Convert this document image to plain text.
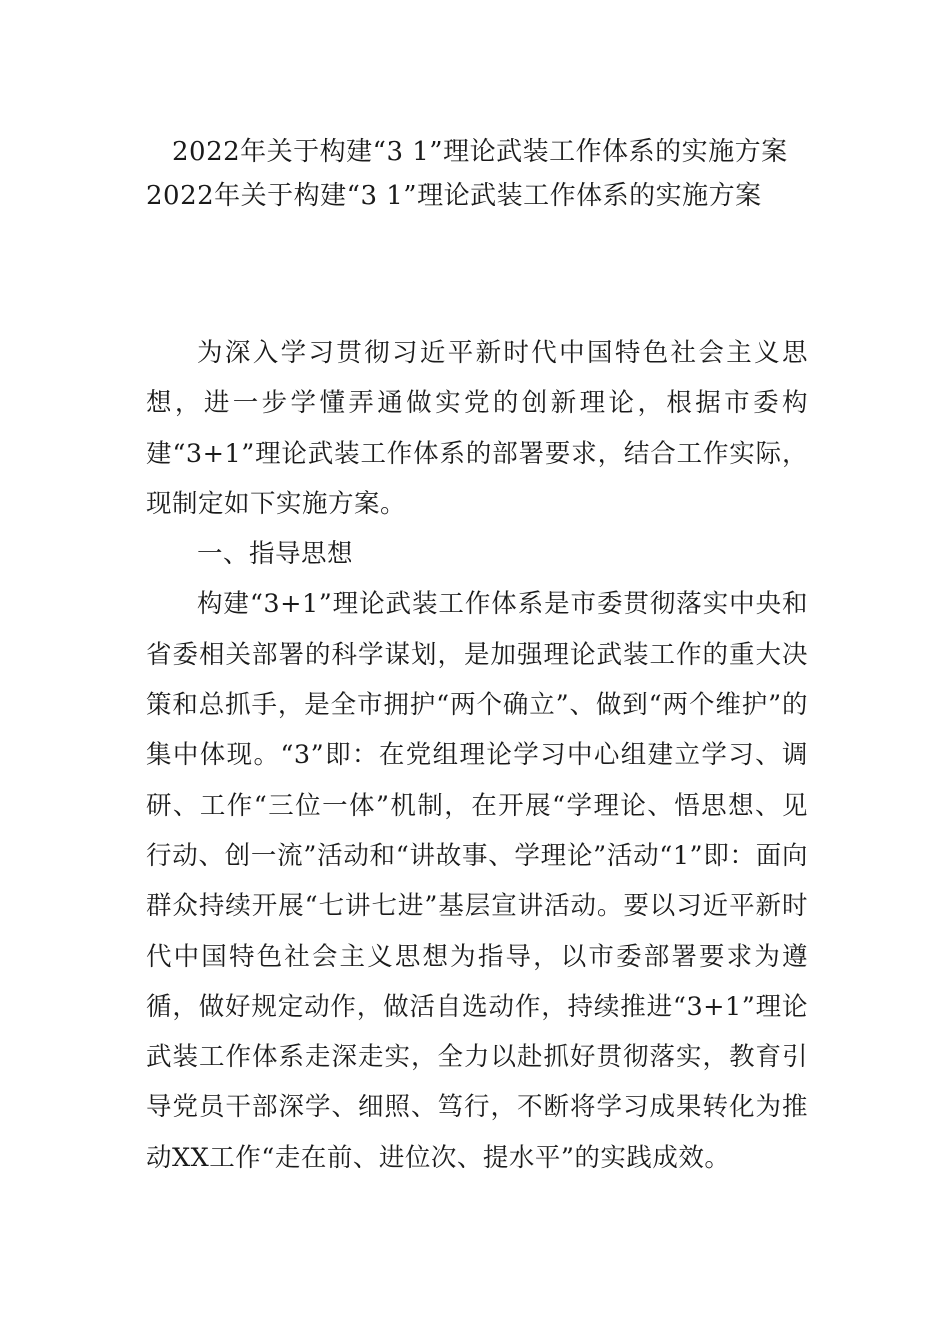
2022年关于构建“3 1”理论武装工作体系的实施方案
2022年关于构建“3 1”理论武装工作体系的实施方案

为深入学习贯彻习近平新时代中国特色社会主义思想，进一步学懂弄通做实党的创新理论，根据市委构建“3+1”理论武装工作体系的部署要求，结合工作实际，现制定如下实施方案。

一、指导思想

构建“3+1”理论武装工作体系是市委贯彻落实中央和省委相关部署的科学谋划，是加强理论武装工作的重大决策和总抓手，是全市拥护“两个确立”、做到“两个维护”的集中体现。“3”即：在党组理论学习中心组建立学习、调研、工作“三位一体”机制，在开展“学理论、悟思想、见行动、创一流”活动和“讲故事、学理论”活动“1”即：面向群众持续开展“七讲七进”基层宣讲活动。要以习近平新时代中国特色社会主义思想为指导，以市委部署要求为遵循，做好规定动作，做活自选动作，持续推进“3+1”理论武装工作体系走深走实，全力以赴抓好贯彻落实，教育引导党员干部深学、细照、笃行，不断将学习成果转化为推动XX工作“走在前、进位次、提水平”的实践成效。
